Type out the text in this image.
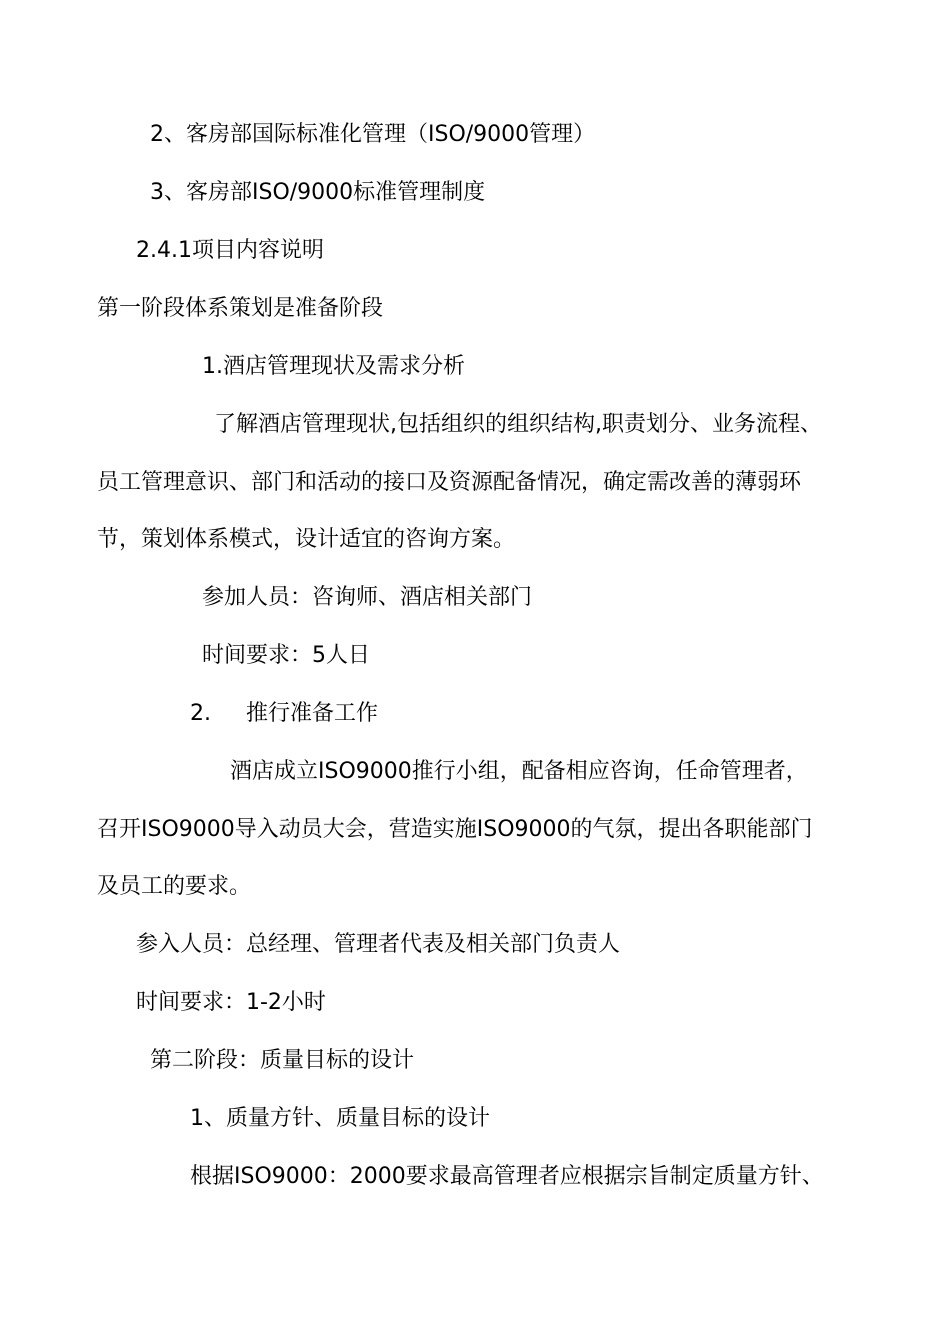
2、客房部国际标准化管理（ISO/9000管理）
3、客房部ISO/9000标准管理制度
2.4.1项目内容说明
第一阶段体系策划是准备阶段
1.酒店管理现状及需求分析
了解酒店管理现状,包括组织的组织结构,职责划分、业务流程、
员工管理意识、部门和活动的接口及资源配备情况，确定需改善的薄弱环
节，策划体系模式，设计适宜的咨询方案。
参加人员：咨询师、酒店相关部门
时间要求：5人日
2.     推行准备工作
酒店成立ISO9000推行小组，配备相应咨询，任命管理者，
召开ISO9000导入动员大会，营造实施ISO9000的气氛，提出各职能部门
及员工的要求。
参入人员：总经理、管理者代表及相关部门负责人
时间要求：1-2小时
第二阶段：质量目标的设计
1、质量方针、质量目标的设计
根据ISO9000：2000要求最高管理者应根据宗旨制定质量方针、
